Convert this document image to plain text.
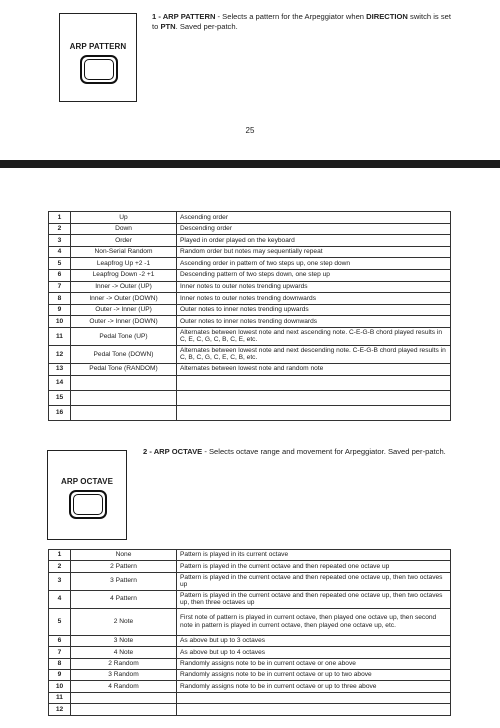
ARP PATTERN
1 - ARP PATTERN - Selects a pattern for the Arpeggiator when DIRECTION switch is set to PTN. Saved per-patch.
25
1	Up	Ascending order
2	Down	Descending order
3	Order	Played in order played on the keyboard
4	Non-Serial Random	Random order but notes may sequentially repeat
5	Leapfrog Up +2 -1	Ascending order in pattern of two steps up, one step down
6	Leapfrog Down -2 +1	Descending pattern of two steps down, one step up
7	Inner -> Outer (UP)	Inner notes to outer notes trending upwards
8	Inner -> Outer (DOWN)	Inner notes to outer notes trending downwards
9	Outer -> Inner (UP)	Outer notes to inner notes trending upwards
10	Outer -> Inner (DOWN)	Outer notes to inner notes trending downwards
11	Pedal Tone (UP)	Alternates between lowest note and next ascending note. C-E-G-B chord played results in C, E, C, G, C, B, C, E, etc.
12	Pedal Tone (DOWN)	Alternates between lowest note and next descending note. C-E-G-B chord played results in C, B, C, G, C, E, C, B, etc.
13	Pedal Tone (RANDOM)	Alternates between lowest note and random note
14		
15		
16		
ARP OCTAVE
2 - ARP OCTAVE - Selects octave range and movement for Arpeggiator. Saved per-patch.
1	None	Pattern is played in its current octave
2	2 Pattern	Pattern is played in the current octave and then repeated one octave up
3	3 Pattern	Pattern is played in the current octave and then repeated one octave up, then two octaves up
4	4 Pattern	Pattern is played in the current octave and then repeated one octave up, then two octaves up, then three octaves up
5	2 Note	First note of pattern is played in current octave, then played one octave up, then second note in pattern is played in current octave, then played one octave up, etc.
6	3 Note	As above but up to 3 octaves
7	4 Note	As above but up to 4 octaves
8	2 Random	Randomly assigns note to be in current octave or one above
9	3 Random	Randomly assigns note to be in current octave or up to two above
10	4 Random	Randomly assigns note to be in current octave or up to three above
11		
12		
